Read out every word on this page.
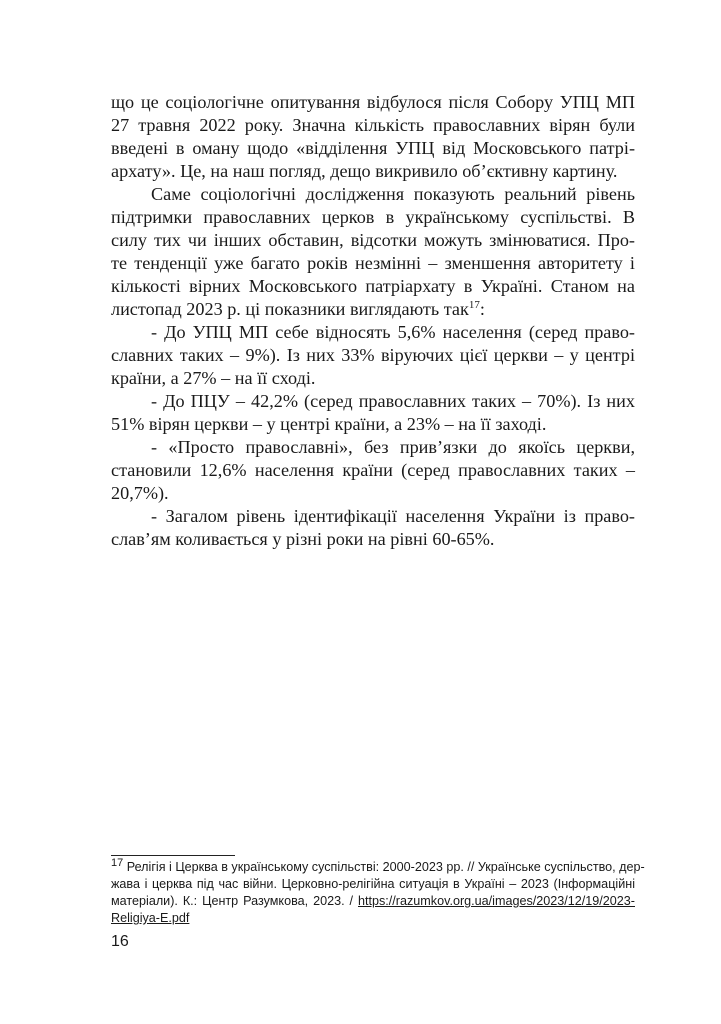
що це соціологічне опитування відбулося після Собору УПЦ МП
27 травня 2022 року. Значна кількість православних вірян були
введені в оману щодо «відділення УПЦ від Московського патрі-
архату». Це, на наш погляд, дещо викривило об’єктивну картину.
Саме соціологічні дослідження показують реальний рівень
підтримки православних церков в українському суспільстві. В
силу тих чи інших обставин, відсотки можуть змінюватися. Про-
те тенденції уже багато років незмінні – зменшення авторитету і
кількості вірних Московського патріархату в Україні. Станом на
листопад 2023 р. ці показники виглядають так$^{17}$:
- До УПЦ МП себе відносять 5,6% населення (серед право-
славних таких – 9%). Із них 33% віруючих цієї церкви – у центрі
країни, а 27% – на її сході.
- До ПЦУ – 42,2% (серед православних таких – 70%). Із них
51% вірян церкви – у центрі країни, а 23% – на її заході.
- «Просто православні», без прив’язки до якоїсь церкви,
становили 12,6% населення країни (серед православних таких –
20,7%).
- Загалом рівень ідентифікації населення України із право-
слав’ям коливається у різні роки на рівні 60-65%.
17 Релігія і Церква в українському суспільстві: 2000-2023 рр. // Українське суспільство, дер-
жава і церква під час війни. Церковно-релігійна ситуація в Україні – 2023 (Інформаційні
матеріали). К.: Центр Разумкова, 2023. / https://razumkov.org.ua/images/2023/12/19/2023-
Religiya-E.pdf
16
